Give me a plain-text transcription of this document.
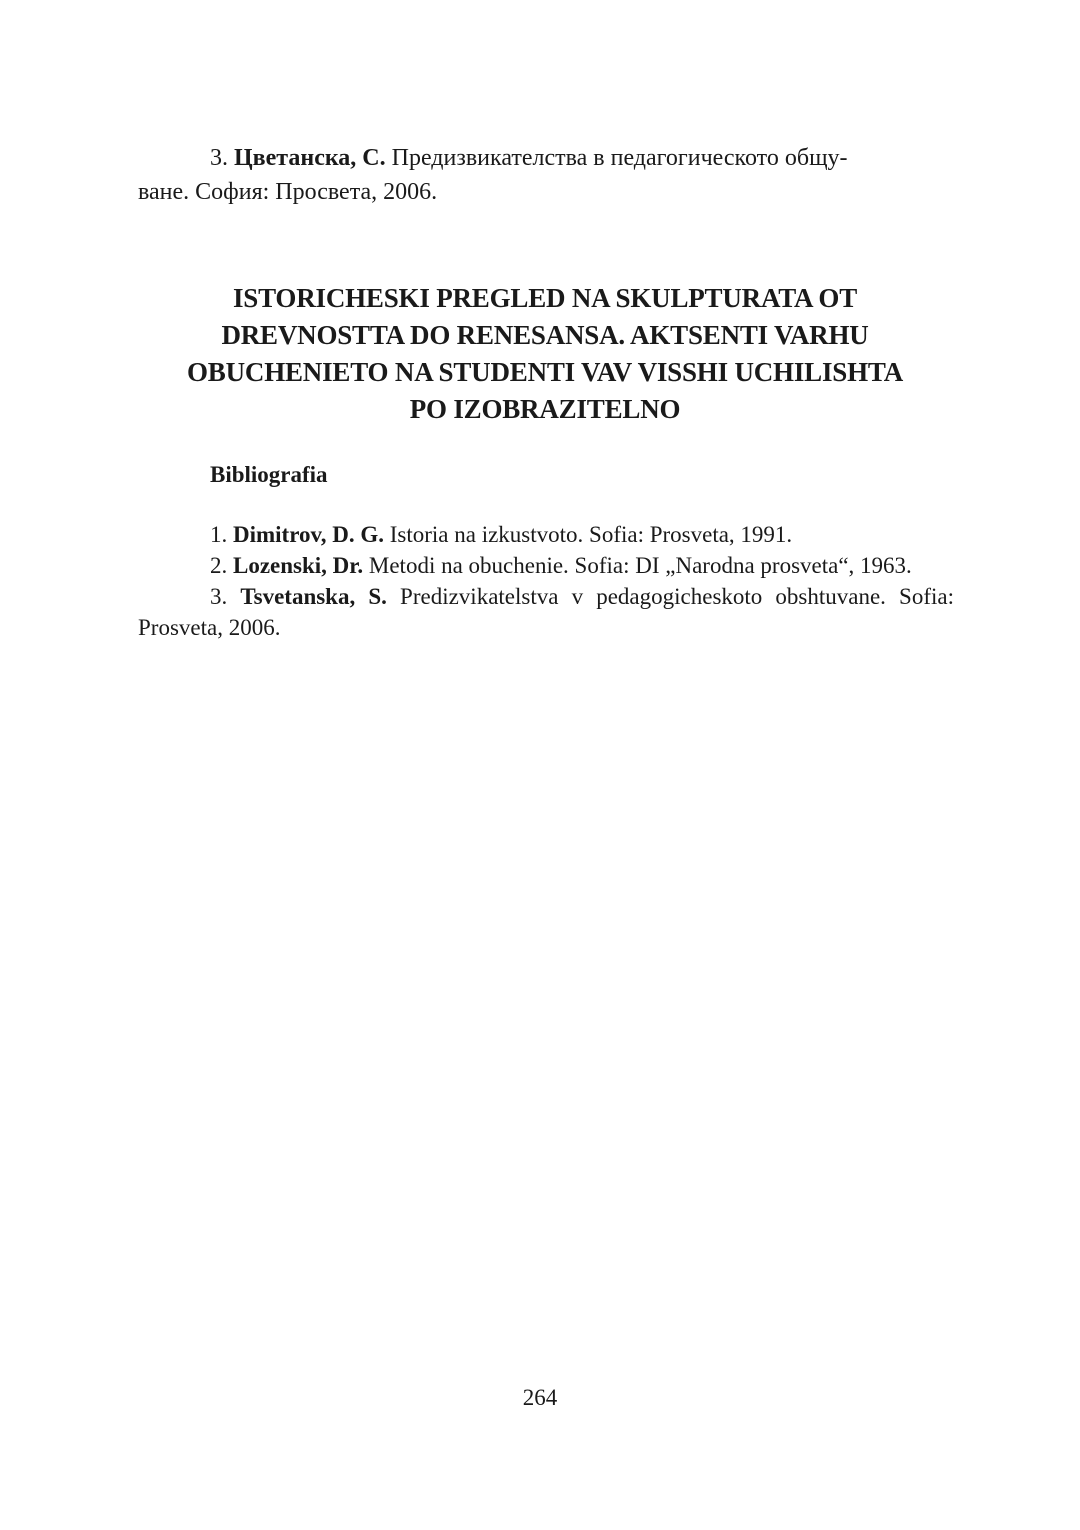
3. Цветанска, С. Предизвикателства в педагогическото общу-

ване. София: Просвета, 2006.

ISTORICHESKI PREGLED NA SKULPTURATA OT
DREVNOSTTA DO RENESANSA. AKTSENTI VARHU
OBUCHENIETO NA STUDENTI VAV VISSHI UCHILISHTA
PO IZOBRAZITELNO

Bibliografia

1. Dimitrov, D. G. Istoria na izkustvoto. Sofia: Prosveta, 1991.

2. Lozenski, Dr. Metodi na obuchenie. Sofia: DI „Narodna prosveta“, 1963.

3. Tsvetanska, S. Predizvikatelstva v pedagogicheskoto obshtuvane. Sofia: Prosveta, 2006.

264
